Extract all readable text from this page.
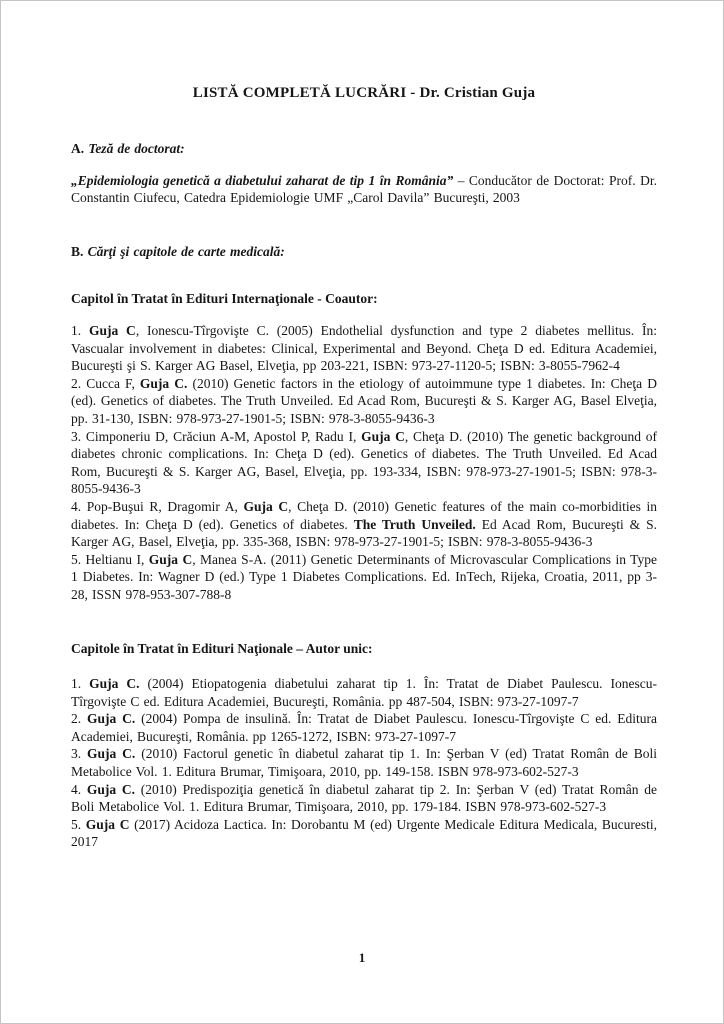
LISTĂ COMPLETĂ LUCRĂRI - Dr. Cristian Guja

A. Teză de doctorat:

„Epidemiologia genetică a diabetului zaharat de tip 1 în România” – Conducător de Doctorat: Prof. Dr. Constantin Ciufecu, Catedra Epidemiologie UMF „Carol Davila” Bucureşti, 2003

B. Cărţi şi capitole de carte medicală:

Capitol în Tratat în Edituri Internaţionale - Coautor:

1. Guja C, Ionescu-Tîrgovişte C. (2005) Endothelial dysfunction and type 2 diabetes mellitus. În: Vascualar involvement in diabetes: Clinical, Experimental and Beyond. Cheţa D ed. Editura Academiei, Bucureşti şi S. Karger AG Basel, Elveţia, pp 203-221, ISBN: 973-27-1120-5; ISBN: 3-8055-7962-4

2. Cucca F, Guja C. (2010) Genetic factors in the etiology of autoimmune type 1 diabetes. In: Cheţa D (ed). Genetics of diabetes. The Truth Unveiled. Ed Acad Rom, Bucureşti & S. Karger AG, Basel Elveţia, pp. 31-130, ISBN: 978-973-27-1901-5; ISBN: 978-3-8055-9436-3

3. Cimponeriu D, Crăciun A-M, Apostol P, Radu I, Guja C, Cheţa D. (2010) The genetic background of diabetes chronic complications. In: Cheţa D (ed). Genetics of diabetes. The Truth Unveiled. Ed Acad Rom, Bucureşti & S. Karger AG, Basel, Elveţia, pp. 193-334, ISBN: 978-973-27-1901-5; ISBN: 978-3-8055-9436-3

4. Pop-Buşui R, Dragomir A, Guja C, Cheţa D. (2010) Genetic features of the main co-morbidities in diabetes. In: Cheţa D (ed). Genetics of diabetes. The Truth Unveiled. Ed Acad Rom, Bucureşti & S. Karger AG, Basel, Elveţia, pp. 335-368, ISBN: 978-973-27-1901-5; ISBN: 978-3-8055-9436-3

5. Heltianu I, Guja C, Manea S-A. (2011) Genetic Determinants of Microvascular Complications in Type 1 Diabetes. In: Wagner D (ed.) Type 1 Diabetes Complications. Ed. InTech, Rijeka, Croatia, 2011, pp 3-28, ISSN 978-953-307-788-8

Capitole în Tratat în Edituri Naţionale – Autor unic:

1. Guja C. (2004) Etiopatogenia diabetului zaharat tip 1. În: Tratat de Diabet Paulescu. Ionescu-Tîrgovişte C ed. Editura Academiei, Bucureşti, România. pp 487-504, ISBN: 973-27-1097-7

2. Guja C. (2004) Pompa de insulină. În: Tratat de Diabet Paulescu. Ionescu-Tîrgovişte C ed. Editura Academiei, Bucureşti, România. pp 1265-1272, ISBN: 973-27-1097-7

3. Guja C. (2010) Factorul genetic în diabetul zaharat tip 1. In: Şerban V (ed) Tratat Român de Boli Metabolice Vol. 1. Editura Brumar, Timişoara, 2010, pp. 149-158. ISBN 978-973-602-527-3

4. Guja C. (2010) Predispoziţia genetică în diabetul zaharat tip 2. In: Şerban V (ed) Tratat Român de Boli Metabolice Vol. 1. Editura Brumar, Timişoara, 2010, pp. 179-184. ISBN 978-973-602-527-3

5. Guja C (2017) Acidoza Lactica. In: Dorobantu M (ed) Urgente Medicale Editura Medicala, Bucuresti, 2017

1
